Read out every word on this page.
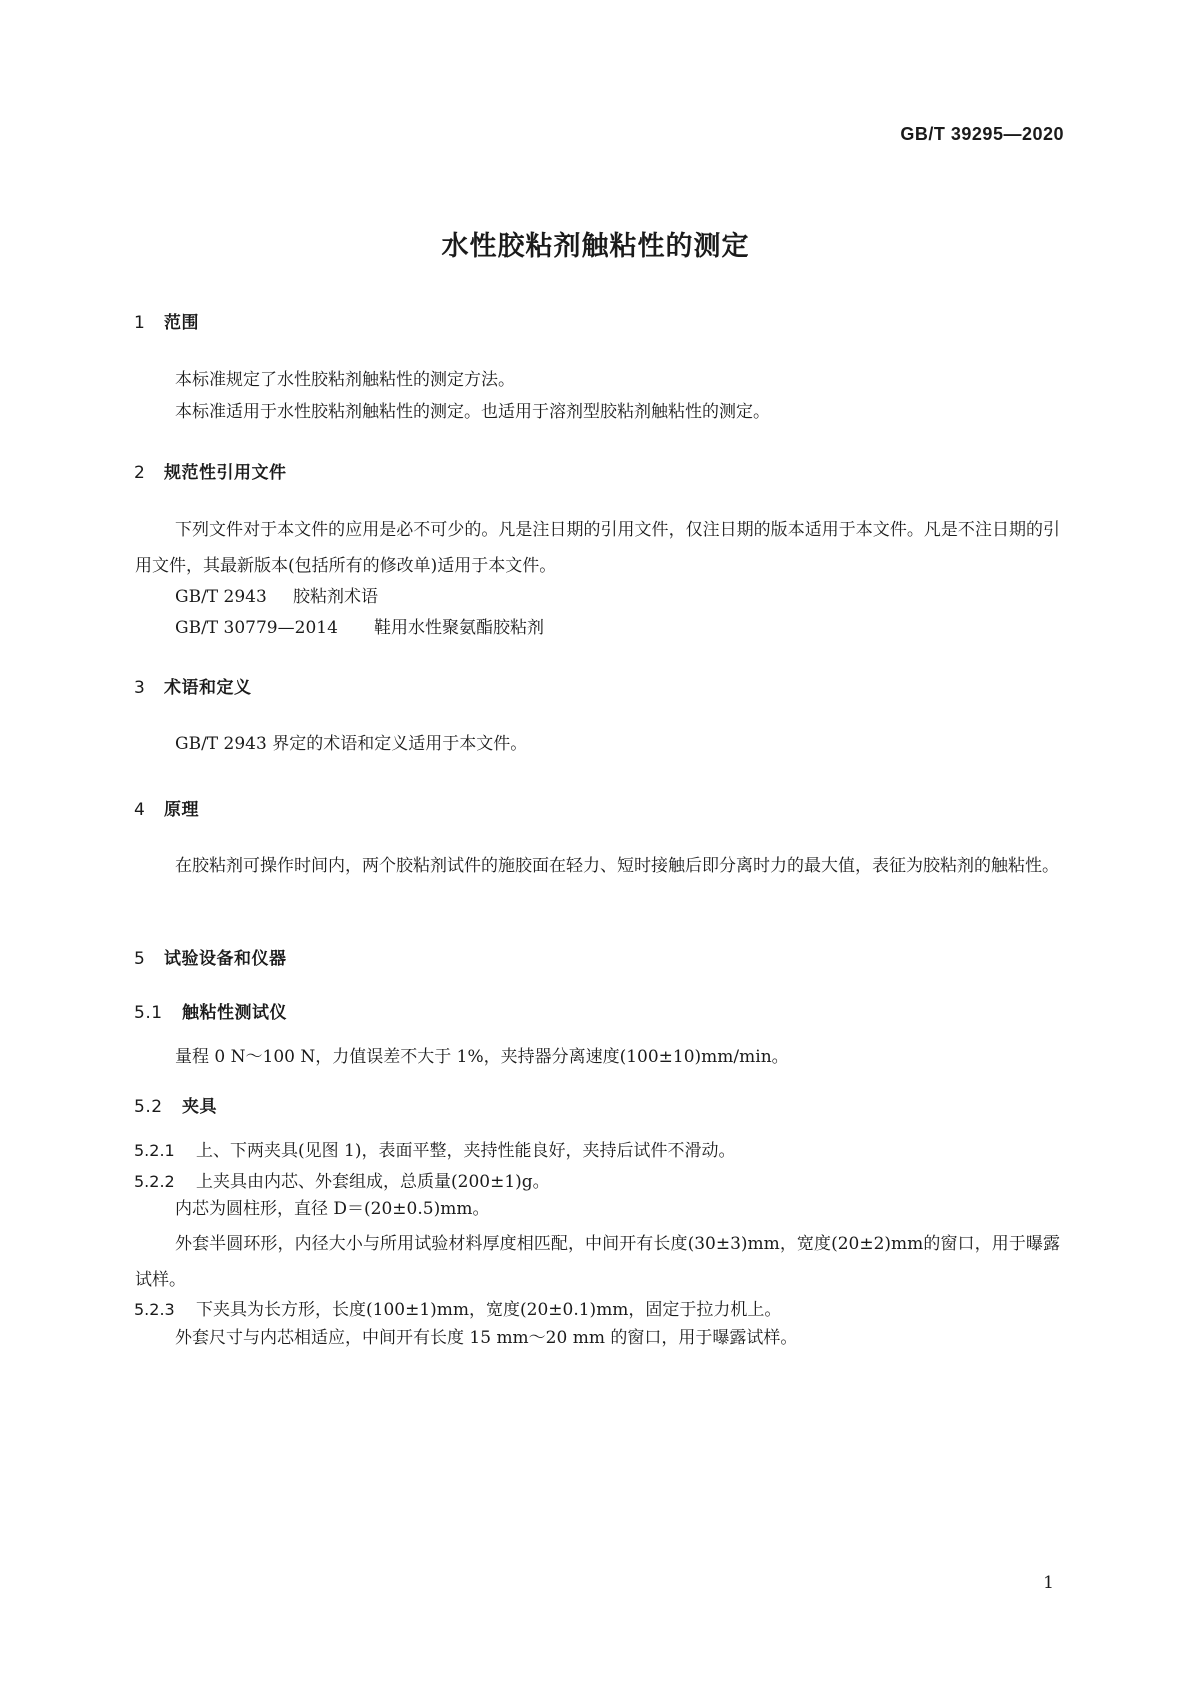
GB/T 39295—2020
水性胶粘剂触粘性的测定
1 范围
本标准规定了水性胶粘剂触粘性的测定方法。
本标准适用于水性胶粘剂触粘性的测定。也适用于溶剂型胶粘剂触粘性的测定。
2 规范性引用文件
下列文件对于本文件的应用是必不可少的。凡是注日期的引用文件，仅注日期的版本适用于本文件。凡是不注日期的引用文件，其最新版本(包括所有的修改单)适用于本文件。
GB/T 2943 胶粘剂术语
GB/T 30779—2014 鞋用水性聚氨酯胶粘剂
3 术语和定义
GB/T 2943 界定的术语和定义适用于本文件。
4 原理
在胶粘剂可操作时间内，两个胶粘剂试件的施胶面在轻力、短时接触后即分离时力的最大值，表征为胶粘剂的触粘性。
5 试验设备和仪器
5.1 触粘性测试仪
量程 0 N～100 N，力值误差不大于 1%，夹持器分离速度(100±10)mm/min。
5.2 夹具
5.2.1 上、下两夹具(见图 1)，表面平整，夹持性能良好，夹持后试件不滑动。
5.2.2 上夹具由内芯、外套组成，总质量(200±1)g。
内芯为圆柱形，直径 D＝(20±0.5)mm。
外套半圆环形，内径大小与所用试验材料厚度相匹配，中间开有长度(30±3)mm，宽度(20±2)mm的窗口，用于曝露试样。
5.2.3 下夹具为长方形，长度(100±1)mm，宽度(20±0.1)mm，固定于拉力机上。
外套尺寸与内芯相适应，中间开有长度 15 mm～20 mm 的窗口，用于曝露试样。
1
